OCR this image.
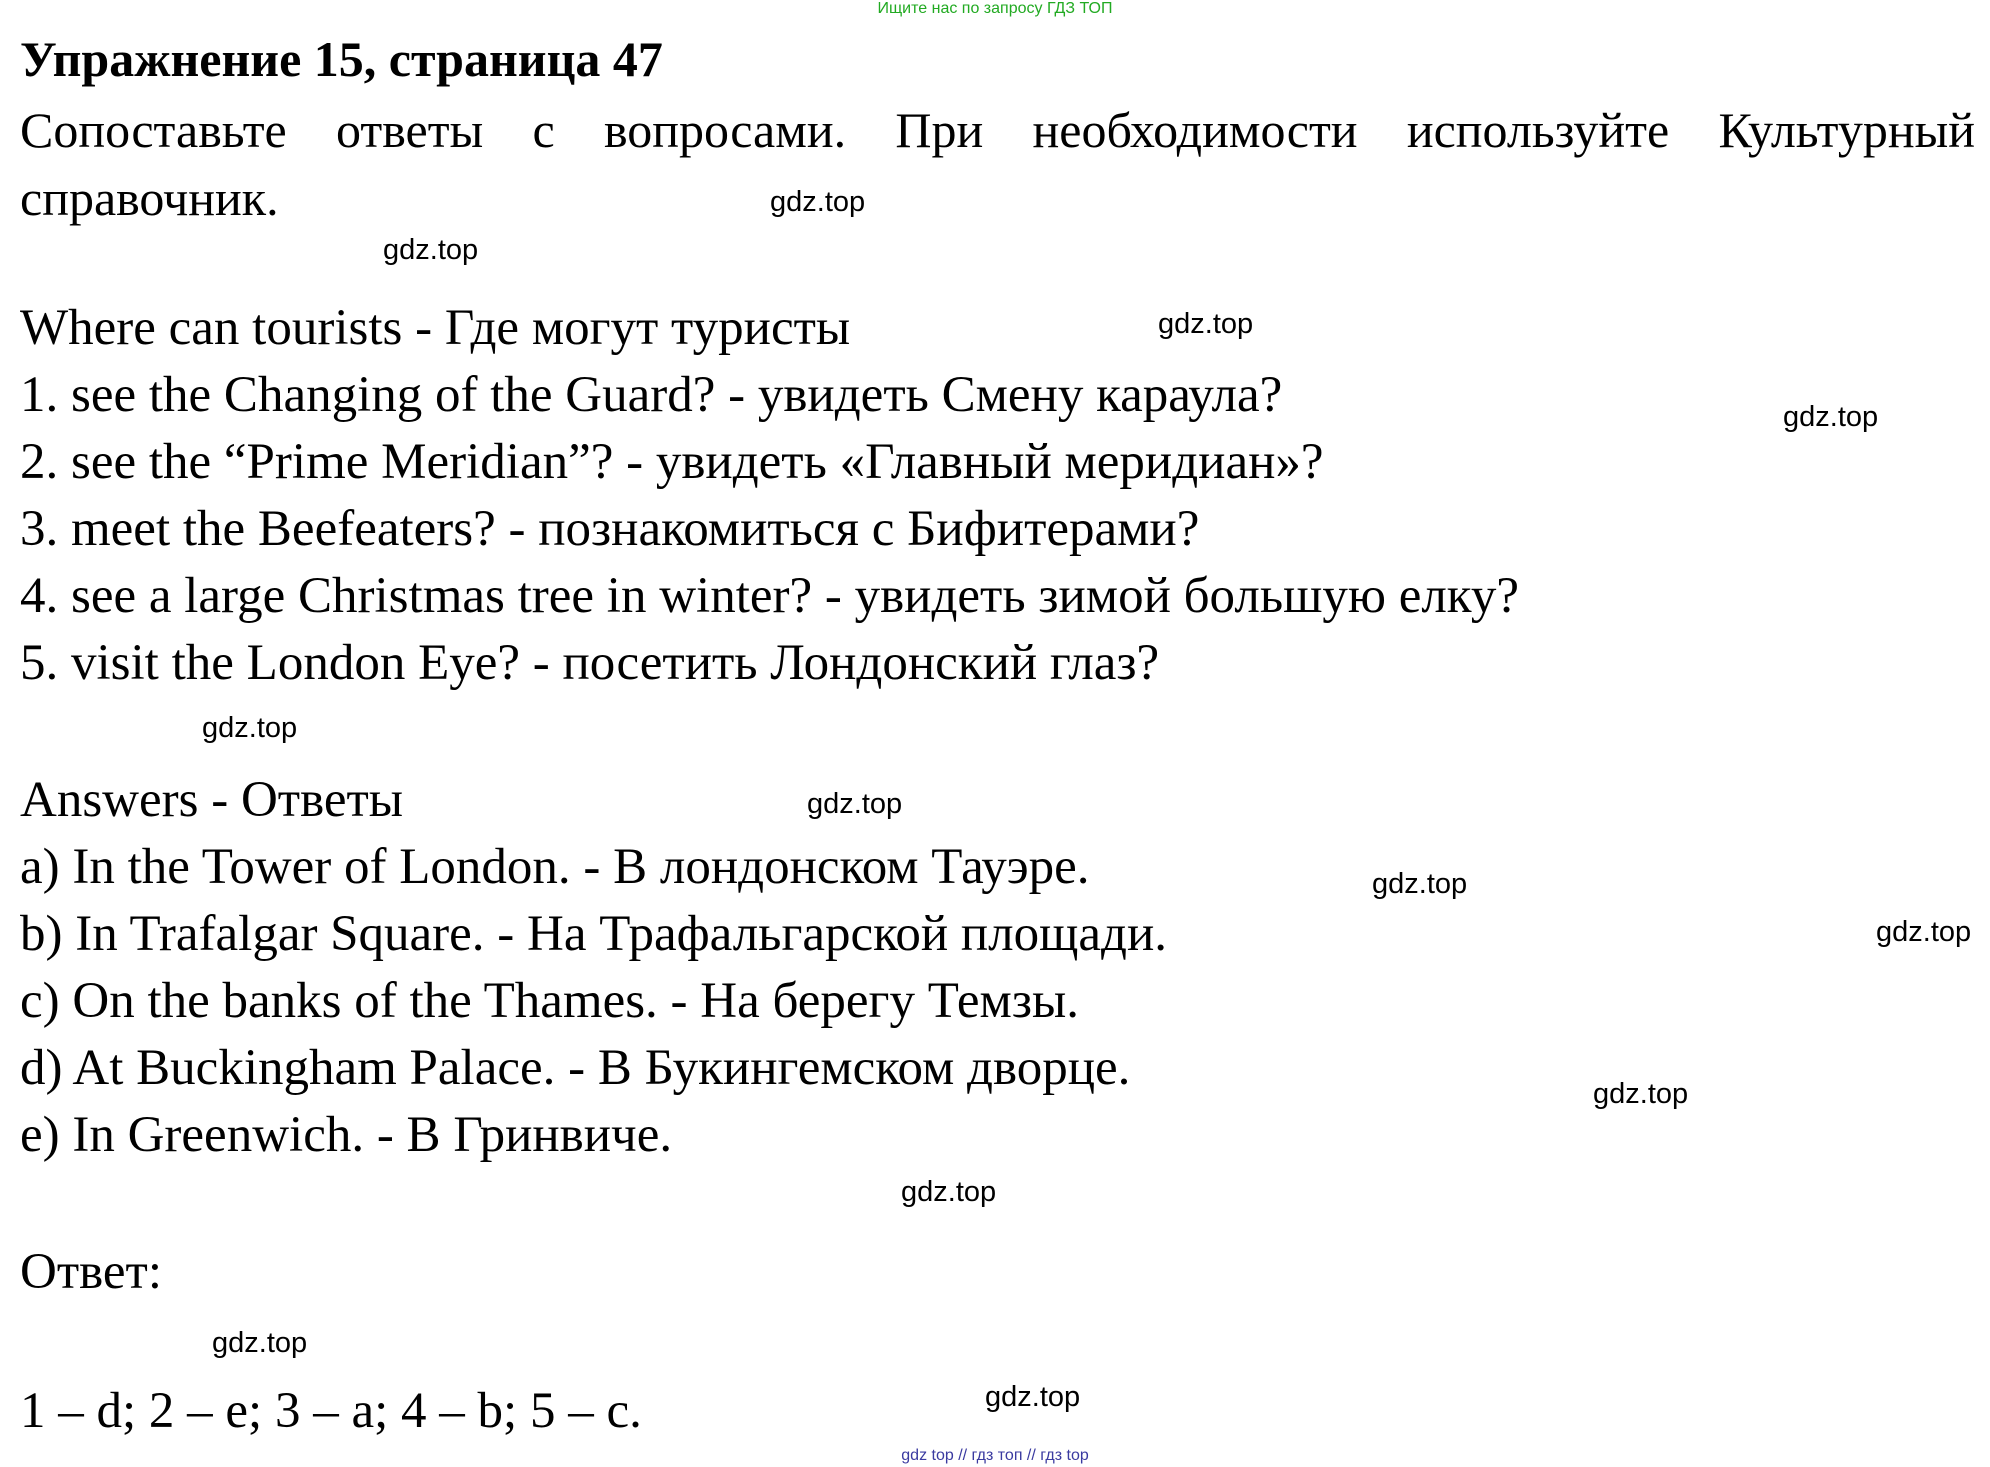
Ищите нас по запросу ГДЗ ТОП
Упражнение 15, страница 47
Сопоставьте ответы с вопросами. При необходимости используйте Культурный справочник.
Where can tourists - Где могут туристы
1. see the Changing of the Guard? - увидеть Смену караула?
2. see the “Prime Meridian”? - увидеть «Главный меридиан»?
3. meet the Beefeaters? - познакомиться с Бифитерами?
4. see a large Christmas tree in winter? - увидеть зимой большую елку?
5. visit the London Eye? - посетить Лондонский глаз?
Answers - Ответы
a) In the Tower of London. - В лондонском Тауэре.
b) In Trafalgar Square. - На Трафальгарской площади.
c) On the banks of the Thames. - На берегу Темзы.
d) At Buckingham Palace. - В Букингемском дворце.
e) In Greenwich. - В Гринвиче.
Ответ:
1 – d; 2 – e; 3 – a; 4 – b; 5 – c.
gdz.top
gdz.top
gdz.top
gdz.top
gdz.top
gdz.top
gdz.top
gdz.top
gdz.top
gdz.top
gdz.top
gdz.top
gdz top // гдз топ // гдз top
